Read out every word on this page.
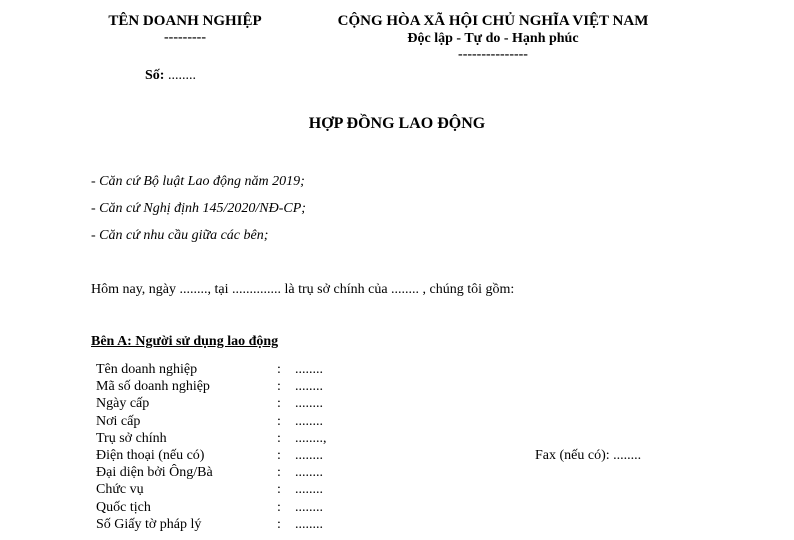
TÊN DOANH NGHIỆP
---------
CỘNG HÒA XÃ HỘI CHỦ NGHĨA VIỆT NAM
Độc lập - Tự do - Hạnh phúc
---------------
Số: ........
HỢP ĐỒNG LAO ĐỘNG
- Căn cứ Bộ luật Lao động năm 2019;
- Căn cứ Nghị định 145/2020/NĐ-CP;
- Căn cứ nhu cầu giữa các bên;
Hôm nay, ngày ........, tại .............. là trụ sở chính của ........ , chúng tôi gồm:
Bên A: Người sử dụng lao động
Tên doanh nghiệp	:	........	
Mã số doanh nghiệp	:	........	
Ngày cấp	:	........	
Nơi cấp	:	........	
Trụ sở chính	:	........,	
Điện thoại (nếu có)	:	........	Fax (nếu có): ........
Đại diện bởi Ông/Bà	:	........	
Chức vụ	:	........	
Quốc tịch	:	........	
Số Giấy tờ pháp lý	:	........	
